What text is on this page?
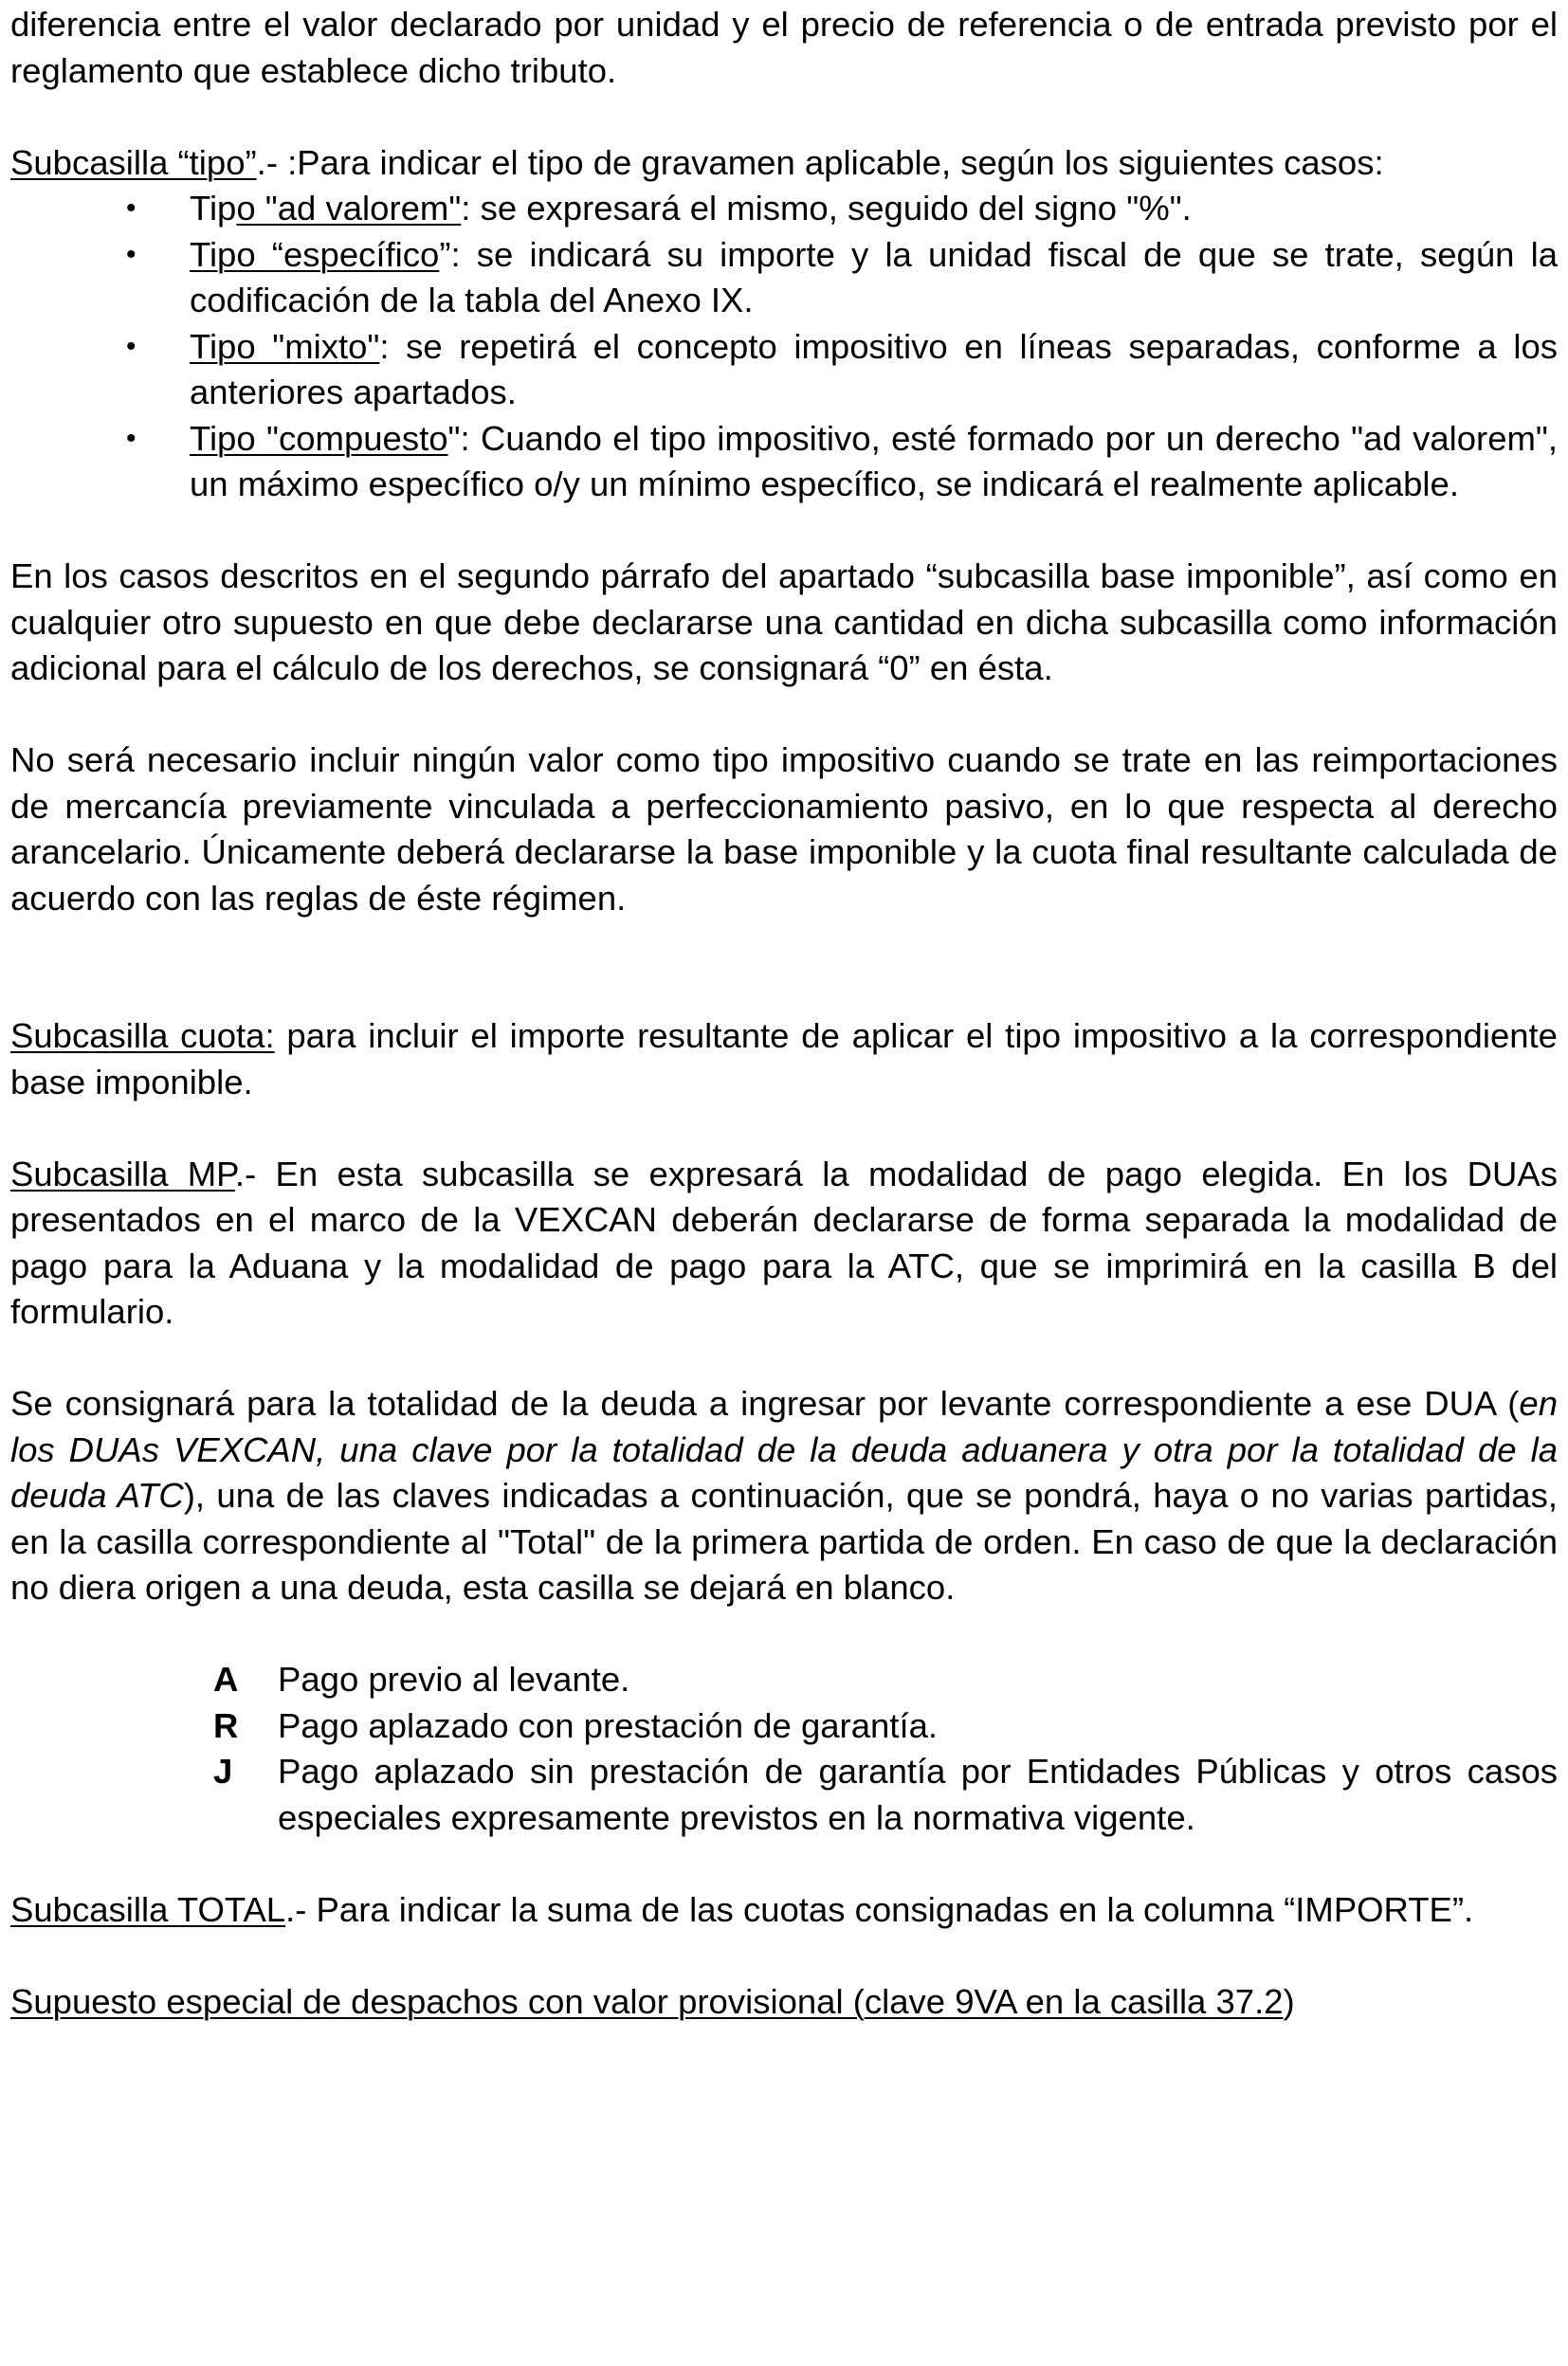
diferencia entre el valor declarado por unidad y el precio de referencia o de entrada previsto por el reglamento que establece dicho tributo.

Subcasilla “tipo”.- :Para indicar el tipo de gravamen aplicable, según los siguientes casos:

• Tipo "ad valorem": se expresará el mismo, seguido del signo "%".
• Tipo “específico”: se indicará su importe y la unidad fiscal de que se trate, según la codificación de la tabla del Anexo IX.
• Tipo "mixto": se repetirá el concepto impositivo en líneas separadas, conforme a los anteriores apartados.
• Tipo "compuesto": Cuando el tipo impositivo, esté formado por un derecho "ad valorem", un máximo específico o/y un mínimo específico, se indicará el realmente aplicable.

En los casos descritos en el segundo párrafo del apartado “subcasilla base imponible”, así como en cualquier otro supuesto en que debe declararse una cantidad en dicha subcasilla como información adicional para el cálculo de los derechos, se consignará “0” en ésta.

No será necesario incluir ningún valor como tipo impositivo cuando se trate en las reimportaciones de mercancía previamente vinculada a perfeccionamiento pasivo, en lo que respecta al derecho arancelario. Únicamente deberá declararse la base imponible y la cuota final resultante calculada de acuerdo con las reglas de éste régimen.

Subcasilla cuota: para incluir el importe resultante de aplicar el tipo impositivo a la correspondiente base imponible.

Subcasilla MP.- En esta subcasilla se expresará la modalidad de pago elegida. En los DUAs presentados en el marco de la VEXCAN deberán declararse de forma separada la modalidad de pago para la Aduana y la modalidad de pago para la ATC, que se imprimirá en la casilla B del formulario.

Se consignará para la totalidad de la deuda a ingresar por levante correspondiente a ese DUA (en los DUAs VEXCAN, una clave por la totalidad de la deuda aduanera y otra por la totalidad de la deuda ATC), una de las claves indicadas a continuación, que se pondrá, haya o no varias partidas, en la casilla correspondiente al "Total" de la primera partida de orden. En caso de que la declaración no diera origen a una deuda, esta casilla se dejará en blanco.

A	Pago previo al levante.
R	Pago aplazado con prestación de garantía.
J	Pago aplazado sin prestación de garantía por Entidades Públicas y otros casos especiales expresamente previstos en la normativa vigente.

Subcasilla TOTAL.- Para indicar la suma de las cuotas consignadas en la columna “IMPORTE”.

Supuesto especial de despachos con valor provisional (clave 9VA en la casilla 37.2)
